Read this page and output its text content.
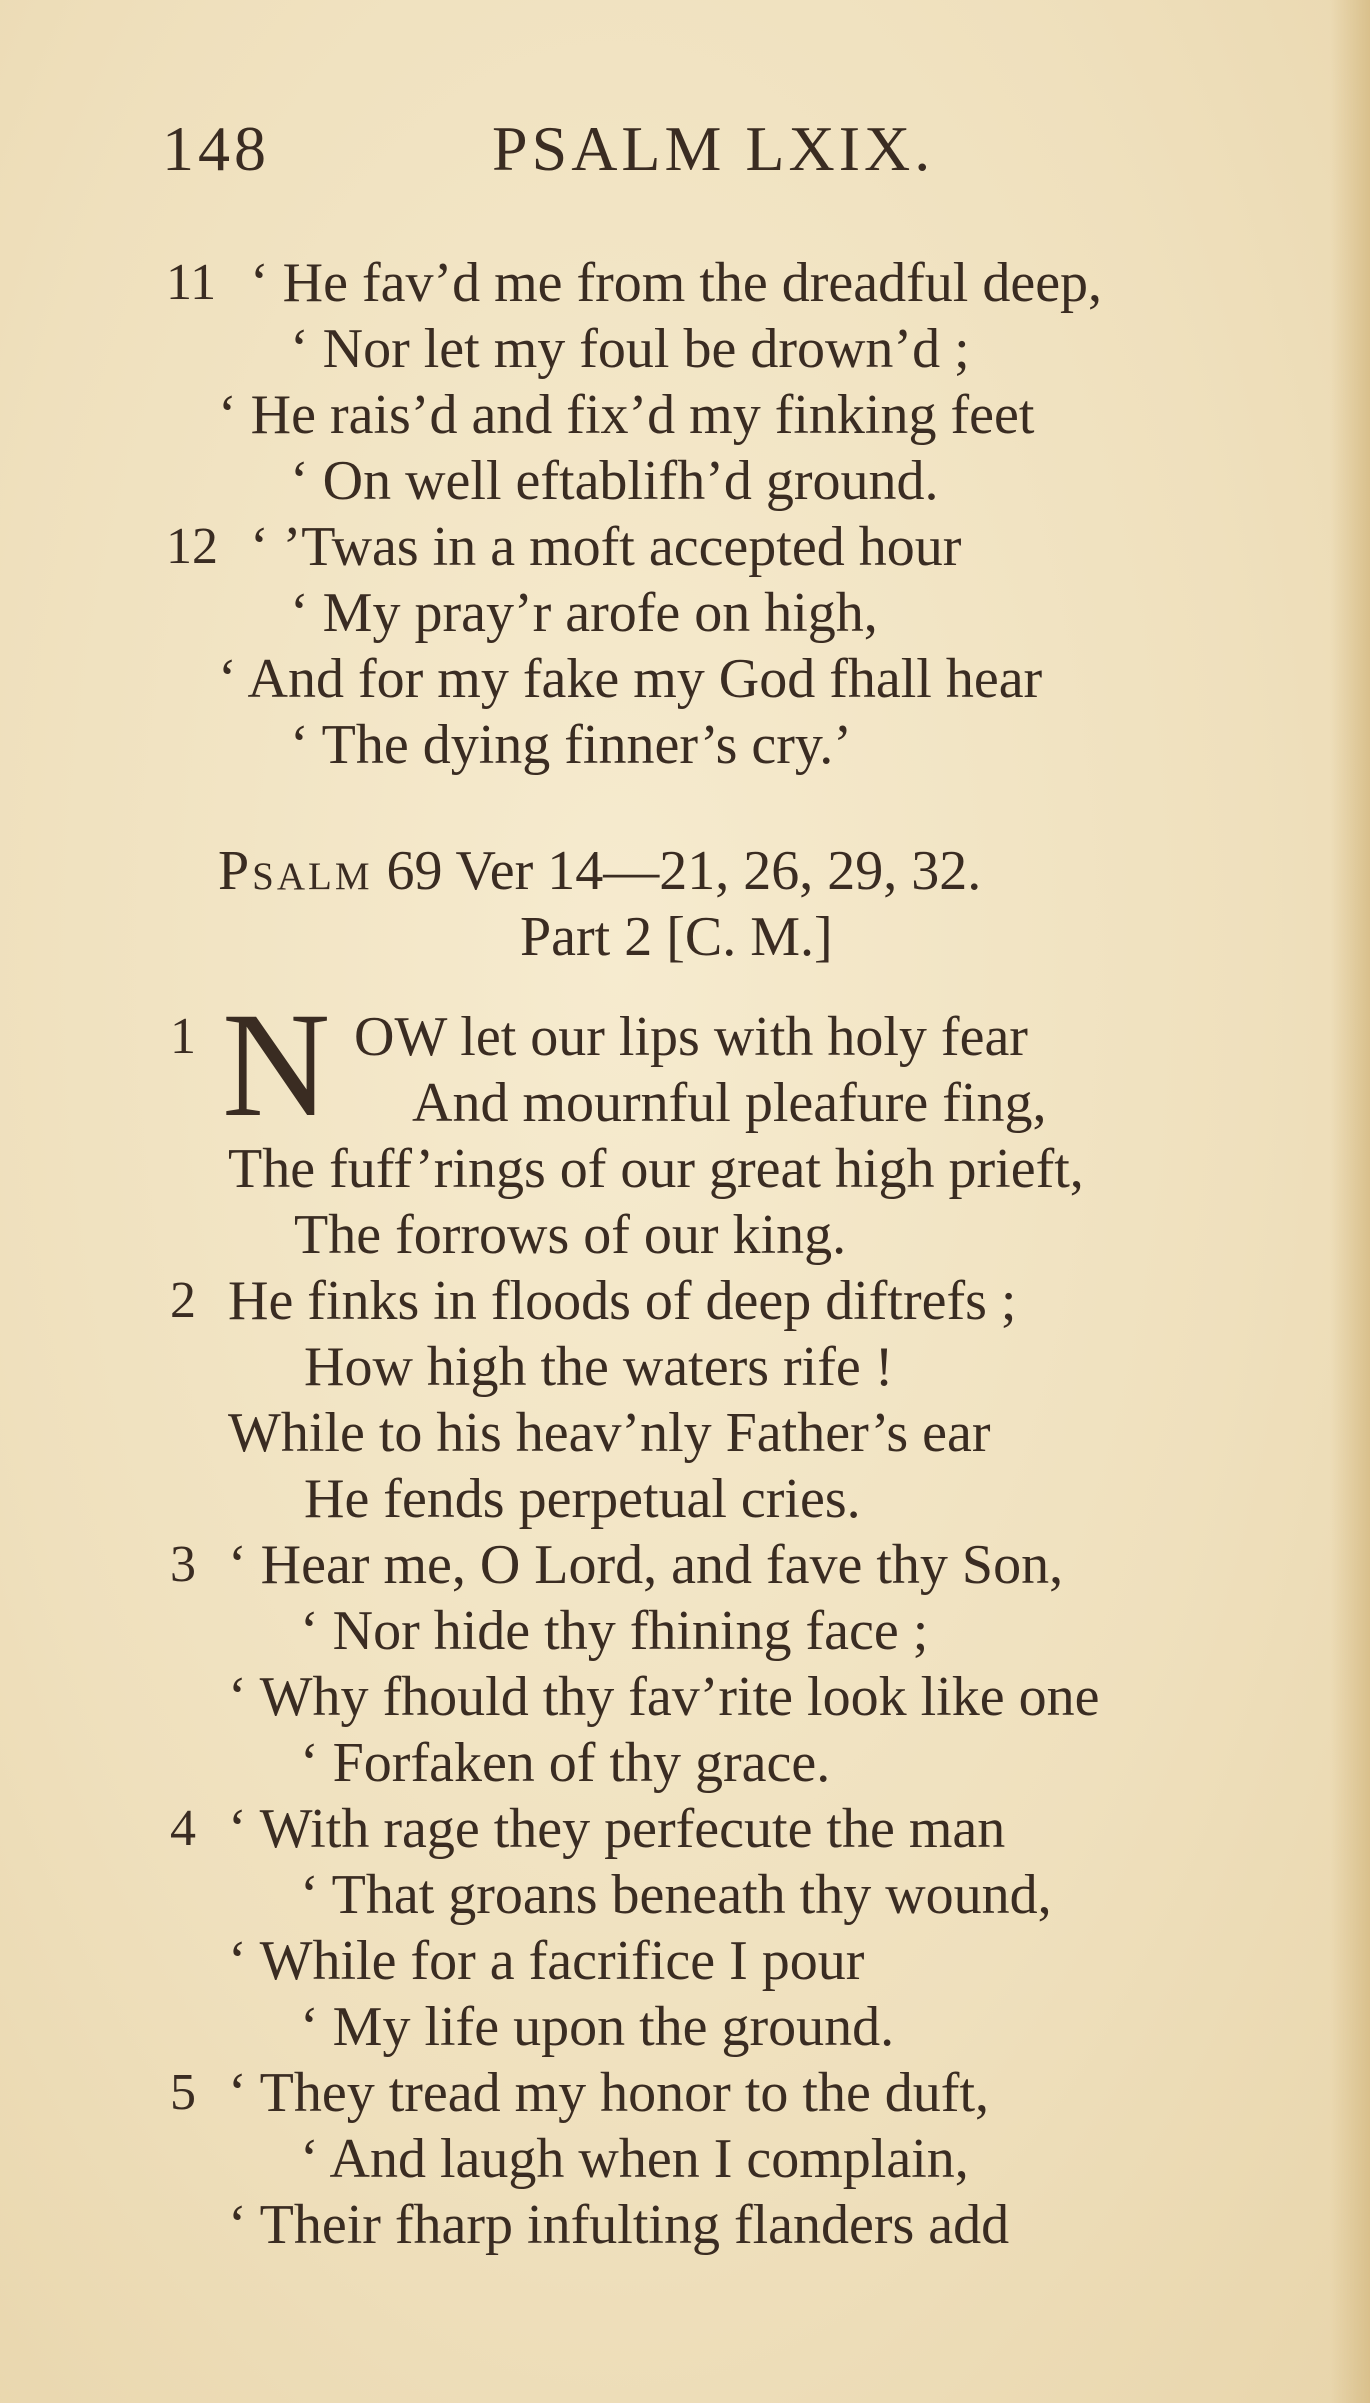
148	PSALM LXIX.
11 ‘ He fav’d me from the dreadful deep,
‘ Nor let my foul be drown’d ;
‘ He rais’d and fix’d my finking feet
‘ On well eftablifh’d ground.
12 ‘ ’Twas in a moft accepted hour
‘ My pray’r arofe on high,
‘ And for my fake my God fhall hear
‘ The dying finner’s cry.’
Psalm 69 Ver 14—21, 26, 29, 32.
Part 2 [C. M.]
1 N OW let our lips with holy fear
And mournful pleafure fing,
The fuff’rings of our great high prieft,
The forrows of our king.
2 He finks in floods of deep diftrefs ;
How high the waters rife !
While to his heav’nly Father’s ear
He fends perpetual cries.
3 ‘ Hear me, O Lord, and fave thy Son,
‘ Nor hide thy fhining face ;
‘ Why fhould thy fav’rite look like one
‘ Forfaken of thy grace.
4 ‘ With rage they perfecute the man
‘ That groans beneath thy wound,
‘ While for a facrifice I pour
‘ My life upon the ground.
5 ‘ They tread my honor to the duft,
‘ And laugh when I complain,
‘ Their fharp infulting flanders add
